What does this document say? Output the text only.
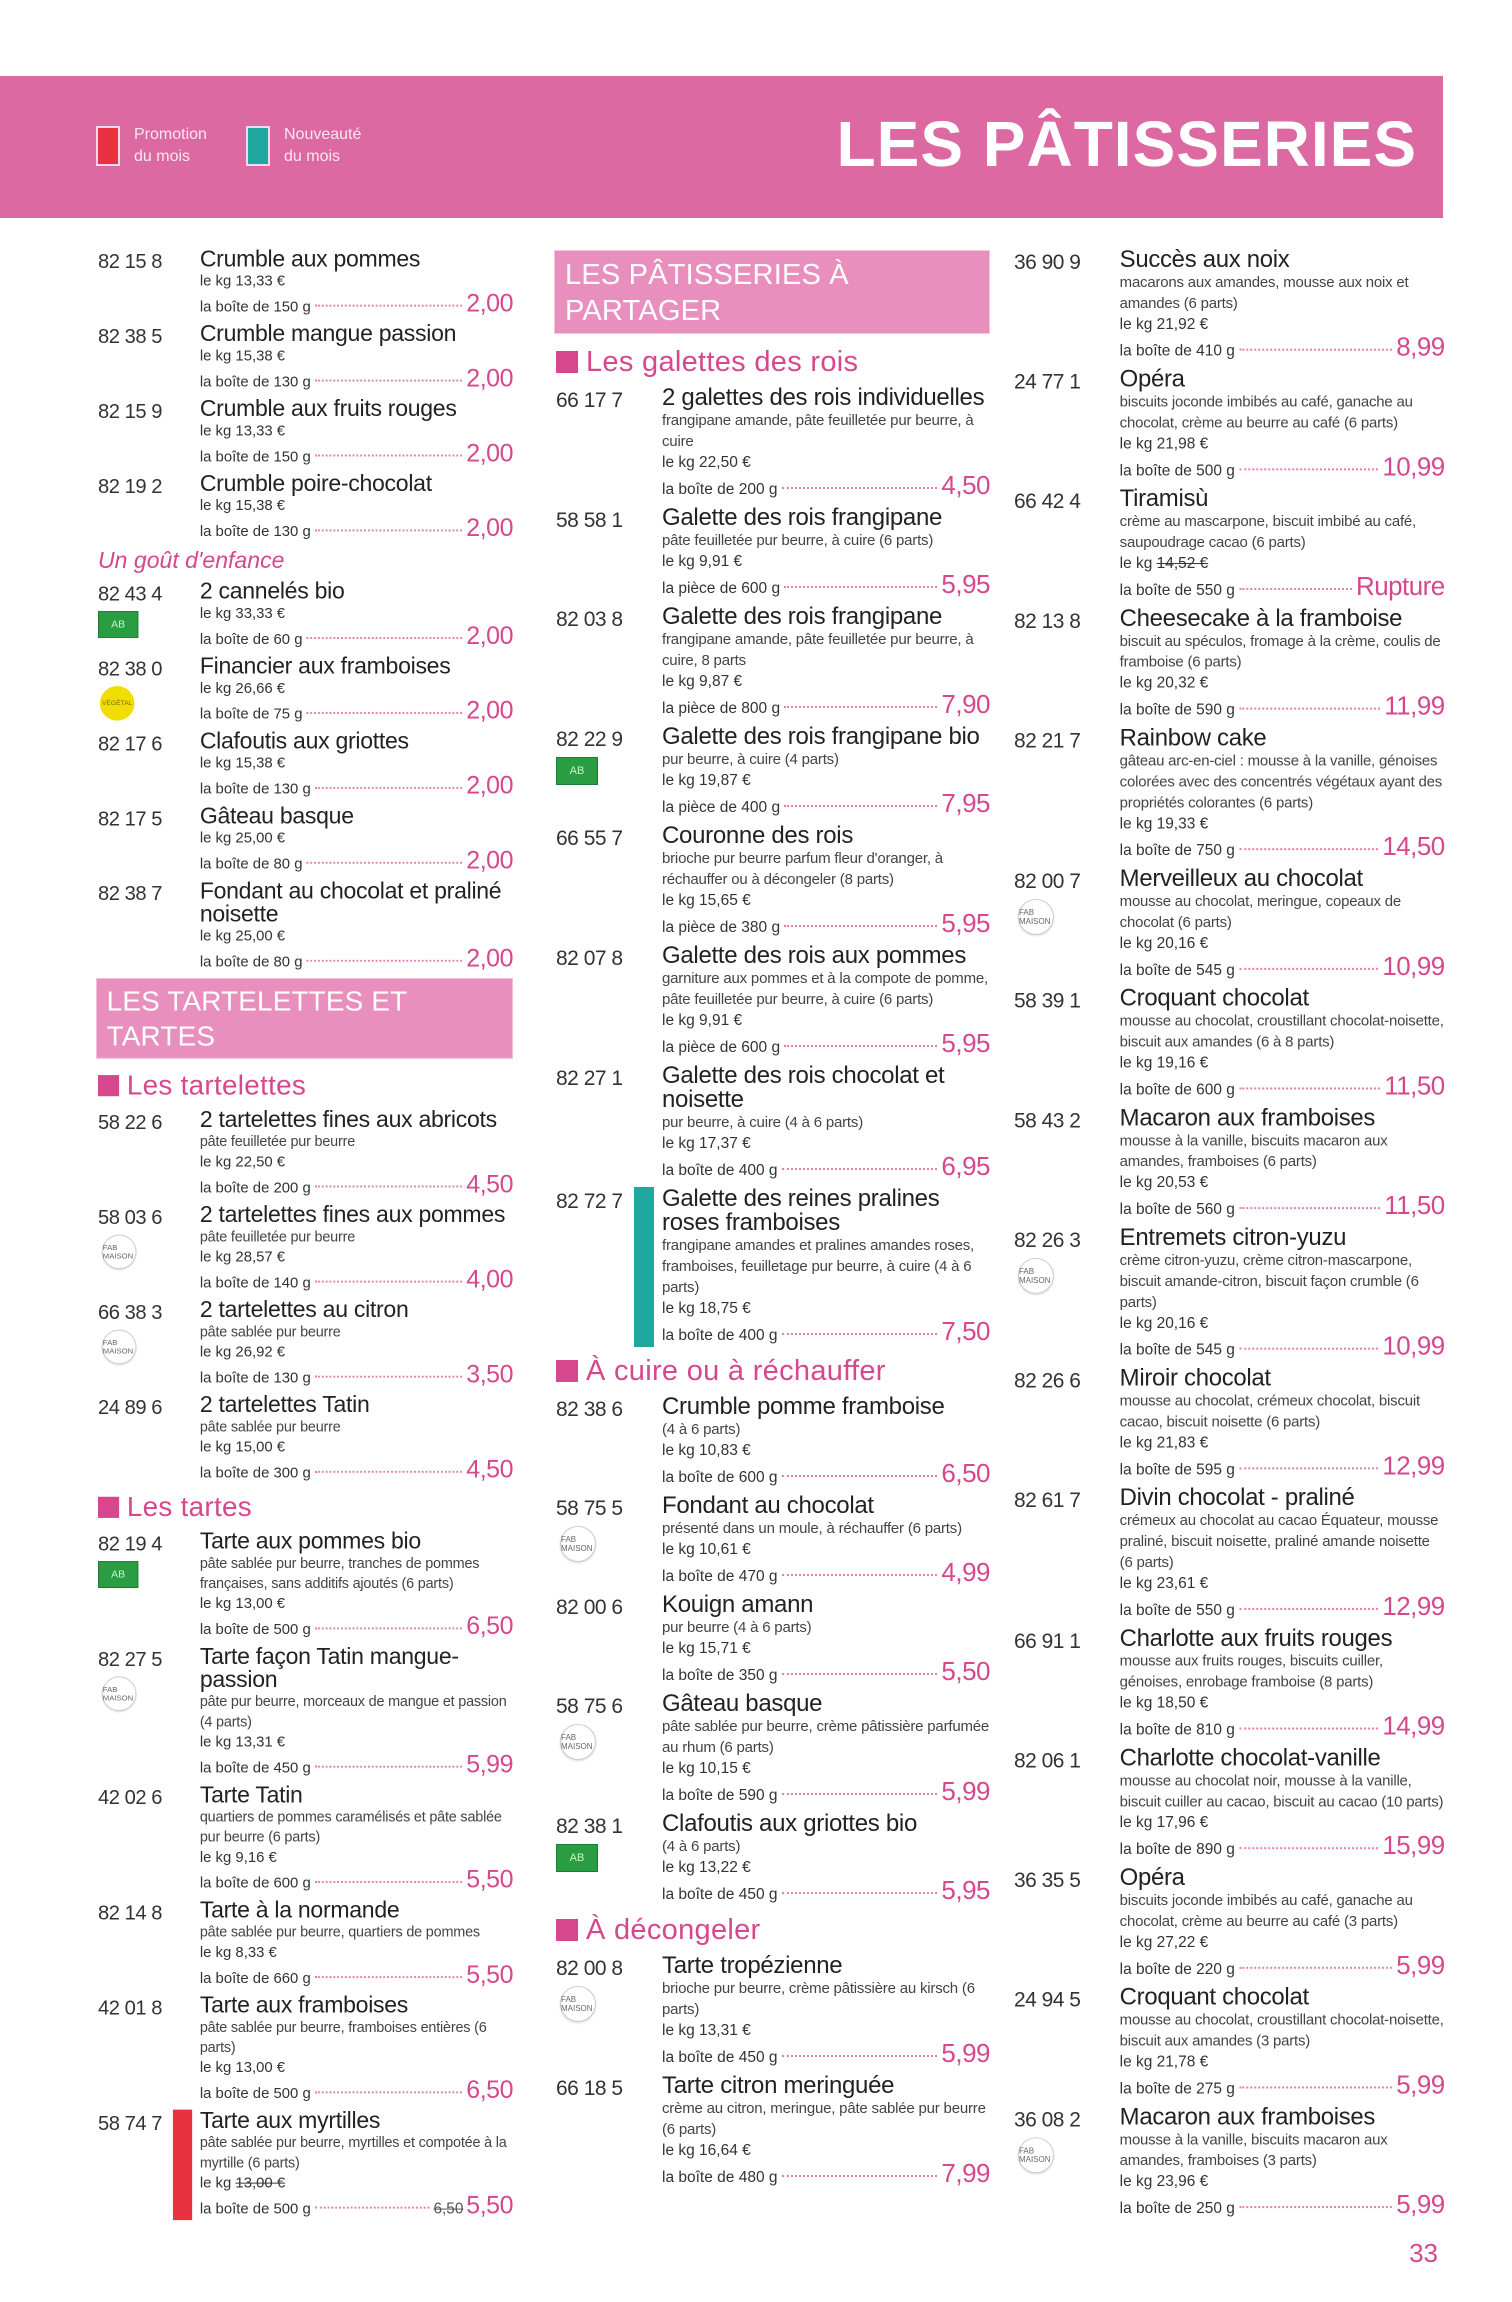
Promotion
du mois
Nouveauté
du mois	LES PÂTISSERIES
82 15 8 Crumble aux pommes
le kg 13,33 €
la boîte de 150 g	2,00
82 38 5 Crumble mangue passion
le kg 15,38 €
la boîte de 130 g	2,00
82 15 9 Crumble aux fruits rouges
le kg 13,33 €
la boîte de 150 g	2,00
82 19 2 Crumble poire-chocolat
le kg 15,38 €
la boîte de 130 g	2,00
Un goût d'enfance
82 43 4
AB
2 cannelés bio
le kg 33,33 €
la boîte de 60 g	2,00
82 38 0
VÉGÉTAL
Financier aux framboises
le kg 26,66 €
la boîte de 75 g	2,00
82 17 6 Clafoutis aux griottes
le kg 15,38 €
la boîte de 130 g	2,00
82 17 5 Gâteau basque
le kg 25,00 €
la boîte de 80 g	2,00
82 38 7 Fondant au chocolat et praliné noisette
le kg 25,00 €
la boîte de 80 g	2,00
LES TARTELETTES ET TARTES
Les tartelettes
58 22 6 2 tartelettes fines aux abricots
pâte feuilletée pur beurre
le kg 22,50 €
la boîte de 200 g	4,50
58 03 6
FAB MAISON
2 tartelettes fines aux pommes
pâte feuilletée pur beurre
le kg 28,57 €
la boîte de 140 g	4,00
66 38 3
FAB MAISON
2 tartelettes au citron
pâte sablée pur beurre
le kg 26,92 €
la boîte de 130 g	3,50
24 89 6 2 tartelettes Tatin
pâte sablée pur beurre
le kg 15,00 €
la boîte de 300 g	4,50
Les tartes
82 19 4
AB
Tarte aux pommes bio
pâte sablée pur beurre, tranches de pommes françaises, sans additifs ajoutés (6 parts)
le kg 13,00 €
la boîte de 500 g	6,50
82 27 5
FAB MAISON
Tarte façon Tatin mangue-passion
pâte pur beurre, morceaux de mangue et passion (4 parts)
le kg 13,31 €
la boîte de 450 g	5,99
42 02 6 Tarte Tatin
quartiers de pommes caramélisés et pâte sablée pur beurre (6 parts)
le kg 9,16 €
la boîte de 600 g	5,50
82 14 8 Tarte à la normande
pâte sablée pur beurre, quartiers de pommes
le kg 8,33 €
la boîte de 660 g	5,50
42 01 8 Tarte aux framboises
pâte sablée pur beurre, framboises entières (6 parts)
le kg 13,00 €
la boîte de 500 g	6,50
58 74 7 Tarte aux myrtilles
pâte sablée pur beurre, myrtilles et compotée à la myrtille (6 parts)
le kg 13,00 €
la boîte de 500 g	6,50 5,50
LES PÂTISSERIES À PARTAGER
Les galettes des rois
66 17 7 2 galettes des rois individuelles
frangipane amande, pâte feuilletée pur beurre, à cuire
le kg 22,50 €
la boîte de 200 g	4,50
58 58 1 Galette des rois frangipane
pâte feuilletée pur beurre, à cuire (6 parts)
le kg 9,91 €
la pièce de 600 g	5,95
82 03 8 Galette des rois frangipane
frangipane amande, pâte feuilletée pur beurre, à cuire, 8 parts
le kg 9,87 €
la pièce de 800 g	7,90
82 22 9
AB
Galette des rois frangipane bio
pur beurre, à cuire (4 parts)
le kg 19,87 €
la pièce de 400 g	7,95
66 55 7 Couronne des rois
brioche pur beurre parfum fleur d'oranger, à réchauffer ou à décongeler (8 parts)
le kg 15,65 €
la pièce de 380 g	5,95
82 07 8 Galette des rois aux pommes
garniture aux pommes et à la compote de pomme, pâte feuilletée pur beurre, à cuire (6 parts)
le kg 9,91 €
la pièce de 600 g	5,95
82 27 1 Galette des rois chocolat et noisette
pur beurre, à cuire (4 à 6 parts)
le kg 17,37 €
la boîte de 400 g	6,95
82 72 7 Galette des reines pralines roses framboises
frangipane amandes et pralines amandes roses, framboises, feuilletage pur beurre, à cuire (4 à 6 parts)
le kg 18,75 €
la boîte de 400 g	7,50
À cuire ou à réchauffer
82 38 6 Crumble pomme framboise
(4 à 6 parts)
le kg 10,83 €
la boîte de 600 g	6,50
58 75 5
FAB MAISON
Fondant au chocolat
présenté dans un moule, à réchauffer (6 parts)
le kg 10,61 €
la boîte de 470 g	4,99
82 00 6 Kouign amann
pur beurre (4 à 6 parts)
le kg 15,71 €
la boîte de 350 g	5,50
58 75 6
FAB MAISON
Gâteau basque
pâte sablée pur beurre, crème pâtissière parfumée au rhum (6 parts)
le kg 10,15 €
la boîte de 590 g	5,99
82 38 1
AB
Clafoutis aux griottes bio
(4 à 6 parts)
le kg 13,22 €
la boîte de 450 g	5,95
À décongeler
82 00 8
FAB MAISON
Tarte tropézienne
brioche pur beurre, crème pâtissière au kirsch (6 parts)
le kg 13,31 €
la boîte de 450 g	5,99
66 18 5 Tarte citron meringuée
crème au citron, meringue, pâte sablée pur beurre (6 parts)
le kg 16,64 €
la boîte de 480 g	7,99
36 90 9 Succès aux noix
macarons aux amandes, mousse aux noix et amandes (6 parts)
le kg 21,92 €
la boîte de 410 g	8,99
24 77 1 Opéra
biscuits joconde imbibés au café, ganache au chocolat, crème au beurre au café (6 parts)
le kg 21,98 €
la boîte de 500 g	10,99
66 42 4 Tiramisù
crème au mascarpone, biscuit imbibé au café, saupoudrage cacao (6 parts)
le kg 14,52 €
la boîte de 550 g	Rupture
82 13 8 Cheesecake à la framboise
biscuit au spéculos, fromage à la crème, coulis de framboise (6 parts)
le kg 20,32 €
la boîte de 590 g	11,99
82 21 7 Rainbow cake
gâteau arc-en-ciel : mousse à la vanille, génoises colorées avec des concentrés végétaux ayant des propriétés colorantes (6 parts)
le kg 19,33 €
la boîte de 750 g	14,50
82 00 7
FAB MAISON
Merveilleux au chocolat
mousse au chocolat, meringue, copeaux de chocolat (6 parts)
le kg 20,16 €
la boîte de 545 g	10,99
58 39 1 Croquant chocolat
mousse au chocolat, croustillant chocolat-noisette, biscuit aux amandes (6 à 8 parts)
le kg 19,16 €
la boîte de 600 g	11,50
58 43 2 Macaron aux framboises
mousse à la vanille, biscuits macaron aux amandes, framboises (6 parts)
le kg 20,53 €
la boîte de 560 g	11,50
82 26 3
FAB MAISON
Entremets citron-yuzu
crème citron-yuzu, crème citron-mascarpone, biscuit amande-citron, biscuit façon crumble (6 parts)
le kg 20,16 €
la boîte de 545 g	10,99
82 26 6 Miroir chocolat
mousse au chocolat, crémeux chocolat, biscuit cacao, biscuit noisette (6 parts)
le kg 21,83 €
la boîte de 595 g	12,99
82 61 7 Divin chocolat - praliné
crémeux au chocolat au cacao Équateur, mousse praliné, biscuit noisette, praliné amande noisette (6 parts)
le kg 23,61 €
la boîte de 550 g	12,99
66 91 1 Charlotte aux fruits rouges
mousse aux fruits rouges, biscuits cuiller, génoises, enrobage framboise (8 parts)
le kg 18,50 €
la boîte de 810 g	14,99
82 06 1 Charlotte chocolat-vanille
mousse au chocolat noir, mousse à la vanille, biscuit cuiller au cacao, biscuit au cacao (10 parts)
le kg 17,96 €
la boîte de 890 g	15,99
36 35 5 Opéra
biscuits joconde imbibés au café, ganache au chocolat, crème au beurre au café (3 parts)
le kg 27,22 €
la boîte de 220 g	5,99
24 94 5 Croquant chocolat
mousse au chocolat, croustillant chocolat-noisette, biscuit aux amandes (3 parts)
le kg 21,78 €
la boîte de 275 g	5,99
36 08 2
FAB MAISON
Macaron aux framboises
mousse à la vanille, biscuits macaron aux amandes, framboises (3 parts)
le kg 23,96 €
la boîte de 250 g	5,99
33
